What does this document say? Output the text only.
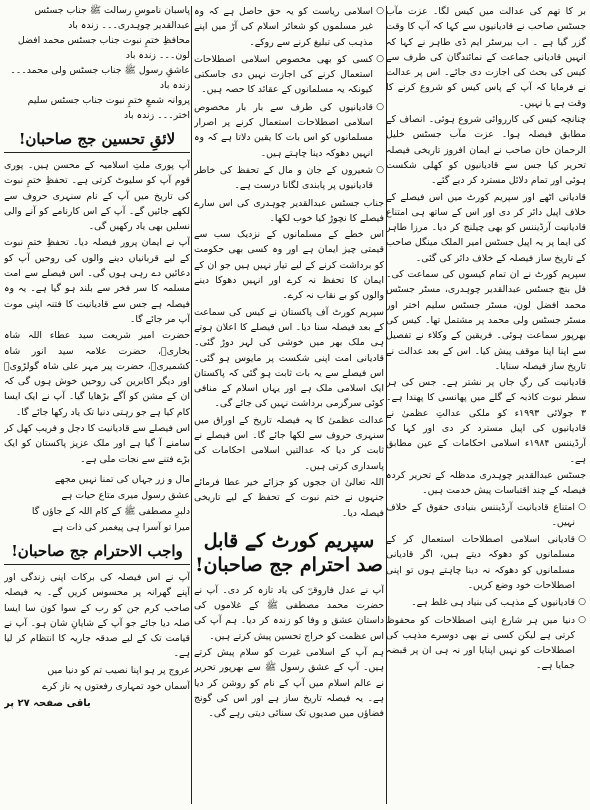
بر کا تھم کی عدالت میں کیس لگا۔ عزت مآب جسٹس صاحب نے قادیانیوں سے کہا کہ آپ کا وقت گزر گیا ہے ۔ اب بیرسٹر ایم ڈی طاہر نے کہا کہ انہیں قادیانی جماعت کے نمائندگان کی طرف سے کیس کی بحث کی اجازت دی جائے۔ اس پر عدالت نے فرمایا کہ آپ کے پاس کیس کو شروع کرنے کا وقت ہے یا نہیں۔

چنانچہ کیس کی کارروائی شروع ہوئی۔ انصاف کے مطابق فیصلہ ہوا۔ عزت مآب جسٹس خلیل الرحمان خان صاحب نے ایمان افروز تاریخی فیصلہ تحریر کیا جس سے قادیانیوں کو کھلی شکست ہوئی اور تمام دلائل مسترد کر دیے گئے۔

قادیانی اٹھے اور سپریم کورٹ میں اس فیصلے کے خلاف اپیل دائر کر دی اور اس کے ساتھ ہی امتناع قادیانیت آرڈیننس کو بھی چیلنج کر دیا۔ مرزا طاہر کی ایما پر یہ اپیل جسٹس امیر الملک مینگل صاحب کے تاریخ ساز فیصلہ کے خلاف دائر کی گئی۔

سپریم کورٹ نے ان تمام کیسوں کی سماعت کی۔ فل بنچ جسٹس عبدالقدیر چوہدری، مسٹر جسٹس محمد افضل لون، مسٹر جسٹس سلیم اختر اور مسٹر جسٹس ولی محمد پر مشتمل تھا۔ کیس کی بھرپور سماعت ہوئی۔ فریقین کے وکلاء نے تفصیل سے اپنا اپنا موقف پیش کیا۔ اس کے بعد عدالت نے تاریخ ساز فیصلہ سنایا۔

قادیانیت کی رگِ جاں پر نشتر ہے۔ جس کی ہر سطر نبوت کاذبہ کے گلے میں پھانسی کا پھندا ہے۔ ۳ جولائی ۱۹۹۳ء کو ملکی عدالتِ عظمیٰ نے قادیانیوں کی اپیل مسترد کر دی اور کہا کہ آرڈیننس ۱۹۸۴ء اسلامی احکامات کے عین مطابق ہے۔

جسٹس عبدالقدیر چوہدری مدظلہ کے تحریر کردہ فیصلہ کے چند اقتباسات پیش خدمت ہیں۔

○ امتناع قادیانیت آرڈیننس بنیادی حقوق کے خلاف نہیں۔
○ قادیانی اسلامی اصطلاحات استعمال کر کے مسلمانوں کو دھوکہ دیتے ہیں، اگر قادیانی مسلمانوں کو دھوکہ نہ دینا چاہتے ہوں تو اپنی اصطلاحات خود وضع کریں۔
○ قادیانیوں کے مذہب کی بنیاد ہی غلط ہے۔
○ دنیا میں ہر شارع اپنی اصطلاحات کو محفوظ کرتی ہے لیکن کسی نے بھی دوسرے مذہب کی اصطلاحات کو نہیں اپنایا اور نہ ہی ان پر قبضہ جمایا ہے۔
○ اسلامی ریاست کو یہ حق حاصل ہے کہ وہ غیر مسلموں کو شعائر اسلام کی آڑ میں اپنے مذہب کی تبلیغ کرنے سے روکے۔
○ کسی کو بھی مخصوص اسلامی اصطلاحات استعمال کرنے کی اجازت نہیں دی جاسکتی کیونکہ یہ مسلمانوں کے عقائد کا حصہ ہیں۔
○ قادیانیوں کی طرف سے بار بار مخصوص اسلامی اصطلاحات استعمال کرنے پر اصرار مسلمانوں کو اس بات کا یقین دلاتا ہے کہ وہ انہیں دھوکہ دینا چاہتے ہیں۔
○ شعیروں کے جان و مال کے تحفظ کی خاطر قادیانیوں پر پابندی لگانا درست ہے۔

جناب جسٹس عبدالقدیر چوہدری کی اس سارے فیصلے کا نچوڑ کیا خوب لکھا۔

اس خطے کے مسلمانوں کے نزدیک سب سے قیمتی چیز ایمان ہے اور وہ کسی بھی حکومت کو برداشت کرنے کے لیے تیار نہیں ہیں جو ان کے ایمان کا تحفظ نہ کرے اور انہیں دھوکا دینے والوں کو بے نقاب نہ کرے۔

سپریم کورٹ آف پاکستان نے کیس کی سماعت کے بعد فیصلہ سنا دیا۔ اس فیصلے کا اعلان ہوتے ہی ملک بھر میں خوشی کی لہر دوڑ گئی۔ قادیانی امت اپنی شکست پر مایوس ہو گئی۔ اس فیصلے سے یہ بات ثابت ہو گئی کہ پاکستان ایک اسلامی ملک ہے اور یہاں اسلام کے منافی کوئی سرگرمی برداشت نہیں کی جائے گی۔

عدالت عظمیٰ کا یہ فیصلہ تاریخ کے اوراق میں سنہری حروف سے لکھا جائے گا۔ اس فیصلے نے ثابت کر دیا کہ عدالتیں اسلامی احکامات کی پاسداری کرتی ہیں۔

اللہ تعالیٰ ان ججوں کو جزائے خیر عطا فرمائے جنہوں نے ختم نبوت کے تحفظ کے لیے تاریخی فیصلہ دیا۔

سپریم کورٹ کے قابل صد احترام جج صاحبان!

آپ نے عدل فاروقیؓ کی یاد تازہ کر دی۔ آپ نے حضرت محمد مصطفی ﷺ کے غلاموں کی داستان عشق و وفا کو زندہ کر دیا۔ ہم آپ کی اس عظمت کو خراج تحسین پیش کرتے ہیں۔

ہم آپ کے اسلامی غیرت کو سلام پیش کرتے ہیں۔ آپ کے عشق رسول ﷺ سے بھرپور تحریر نے عالم اسلام میں آپ کے نام کو روشن کر دیا ہے۔ یہ فیصلہ تاریخ ساز ہے اور اس کی گونج فضاؤں میں صدیوں تک سنائی دیتی رہے گی۔

پاسبان ناموسِ رسالت ﷺ جناب جسٹس عبدالقدیر چوہدری۔۔۔ زندہ باد

محافظِ ختمِ نبوت جناب جسٹس محمد افضل لون۔۔۔ زندہ باد

عاشقِ رسول ﷺ جناب جسٹس ولی محمد۔۔۔ زندہ باد

پروانہ شمعِ ختمِ نبوت جناب جسٹس سلیم اختر۔۔۔ زندہ باد

لائقِ تحسین جج صاحبان!

آپ پوری ملتِ اسلامیہ کے محسن ہیں۔ پوری قوم آپ کو سلیوٹ کرتی ہے۔ تحفظِ ختمِ نبوت کی تاریخ میں آپ کے نام سنہری حروف سے لکھے جائیں گے۔ آپ کے اس کارنامے کو آنے والی نسلیں بھی یاد رکھیں گی۔

آپ نے ایمان پرور فیصلہ دیا۔ تحفظِ ختمِ نبوت کے لیے قربانیاں دینے والوں کی روحیں آپ کو دعائیں دے رہی ہوں گی۔ اس فیصلے سے امت مسلمہ کا سر فخر سے بلند ہو گیا ہے۔ یہ وہ فیصلہ ہے جس سے قادیانیت کا فتنہ اپنی موت آپ مر جائے گا۔

حضرت امیر شریعت سید عطاء اللہ شاہ بخاریؒ، حضرت علامہ سید انور شاہ کشمیریؒ، حضرت پیر مہر علی شاہ گولڑویؒ اور دیگر اکابرین کی روحیں خوش ہوں گی کہ ان کے مشن کو آگے بڑھایا گیا۔ آپ نے ایک ایسا کام کیا ہے جو رہتی دنیا تک یاد رکھا جائے گا۔

اس فیصلے سے قادیانیت کا دجل و فریب کھل کر سامنے آ گیا ہے اور ملک عزیز پاکستان کو ایک بڑے فتنے سے نجات ملی ہے۔

مال و زر جہاں کی تمنا نہیں مجھے

عشق رسول میری متاع حیات ہے

دلبرِ مصطفی ﷺ کے کام اللہ کے جاؤں گا

میرا تو آسرا ہی پیغمبر کی ذات ہے

واجب الاحترام جج صاحبان!

آپ نے اس فیصلہ کی برکات اپنی زندگی اور آپنے گھرانہ پر محسوس کریں گے۔ یہ فیصلہ صاحب کرم جن کو رب کے سوا کون سا ایسا صلہ دیا جائے جو آپ کے شایانِ شان ہو۔ آپ نے قیامت تک کے لیے صدقہ جاریہ کا انتظام کر لیا ہے۔

عروج پر ہو اپنا نصیب تم کو دنیا میں

آسماں خود تمہاری رفعتوں پہ ناز کرے

باقی صفحہ ۲۷ پر
